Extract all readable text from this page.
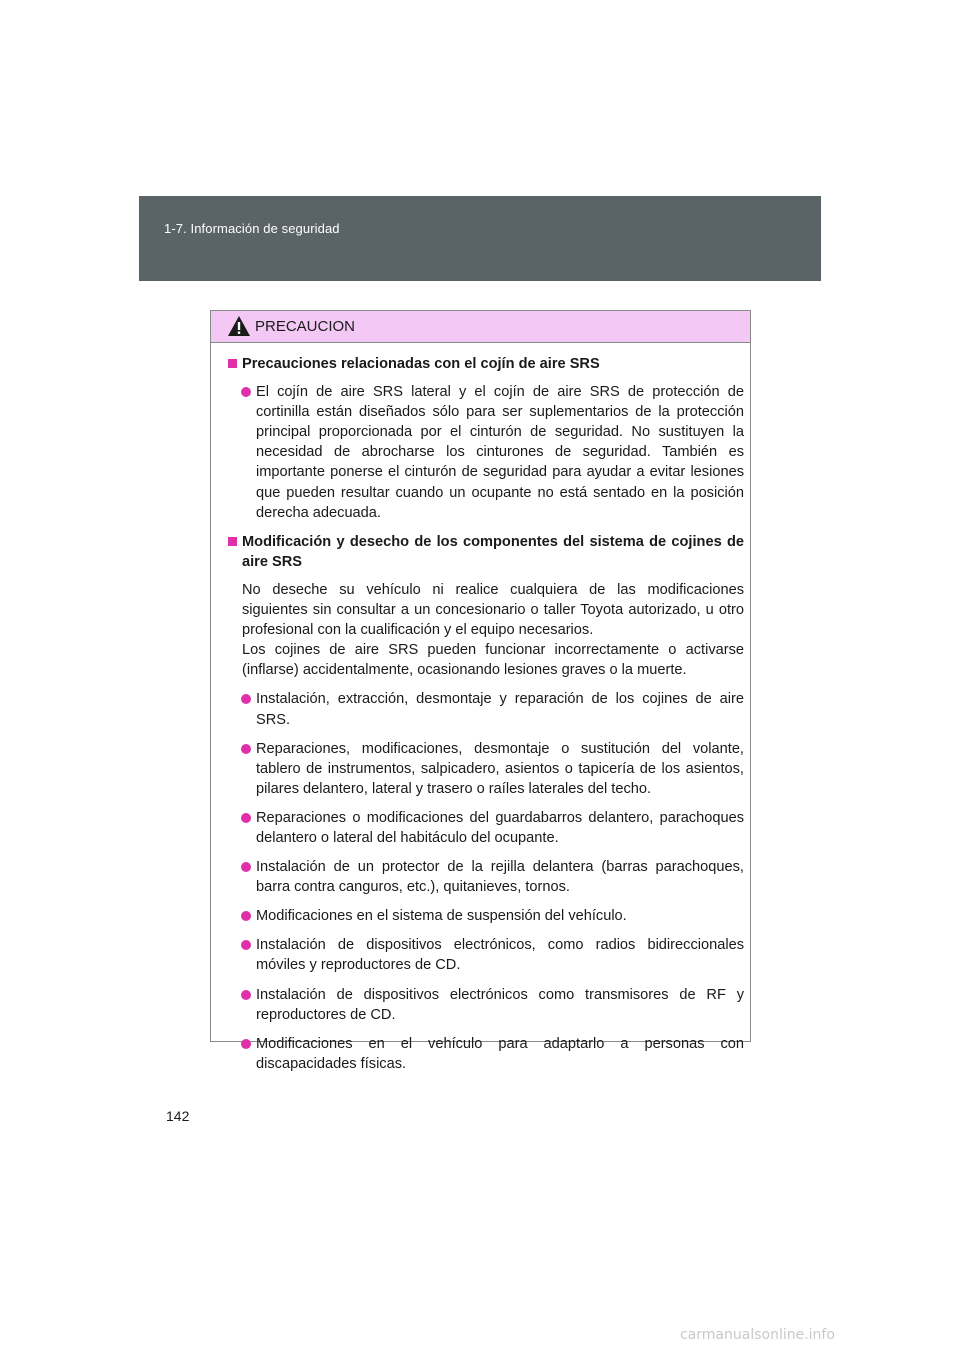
1-7. Información de seguridad
PRECAUCION
Precauciones relacionadas con el cojín de aire SRS
El cojín de aire SRS lateral y el cojín de aire SRS de protección de cortinilla están diseñados sólo para ser suplementarios de la protección principal proporcionada por el cinturón de seguridad. No sustituyen la necesidad de abrocharse los cinturones de seguridad. También es importante ponerse el cinturón de seguridad para ayudar a evitar lesiones que pueden resultar cuando un ocupante no está sentado en la posición derecha adecuada.
Modificación y desecho de los componentes del sistema de cojines de aire SRS
No deseche su vehículo ni realice cualquiera de las modificaciones siguientes sin consultar a un concesionario o taller Toyota autorizado, u otro profesional con la cualificación y el equipo necesarios.
Los cojines de aire SRS pueden funcionar incorrectamente o activarse (inflarse) accidentalmente, ocasionando lesiones graves o la muerte.
Instalación, extracción, desmontaje y reparación de los cojines de aire SRS.
Reparaciones, modificaciones, desmontaje o sustitución del volante, tablero de instrumentos, salpicadero, asientos o tapicería de los asientos, pilares delantero, lateral y trasero o raíles laterales del techo.
Reparaciones o modificaciones del guardabarros delantero, parachoques delantero o lateral del habitáculo del ocupante.
Instalación de un protector de la rejilla delantera (barras parachoques, barra contra canguros, etc.), quitanieves, tornos.
Modificaciones en el sistema de suspensión del vehículo.
Instalación de dispositivos electrónicos, como radios bidireccionales móviles y reproductores de CD.
Instalación de dispositivos electrónicos como transmisores de RF y reproductores de CD.
Modificaciones en el vehículo para adaptarlo a personas con discapacidades físicas.
142
carmanualsonline.info
